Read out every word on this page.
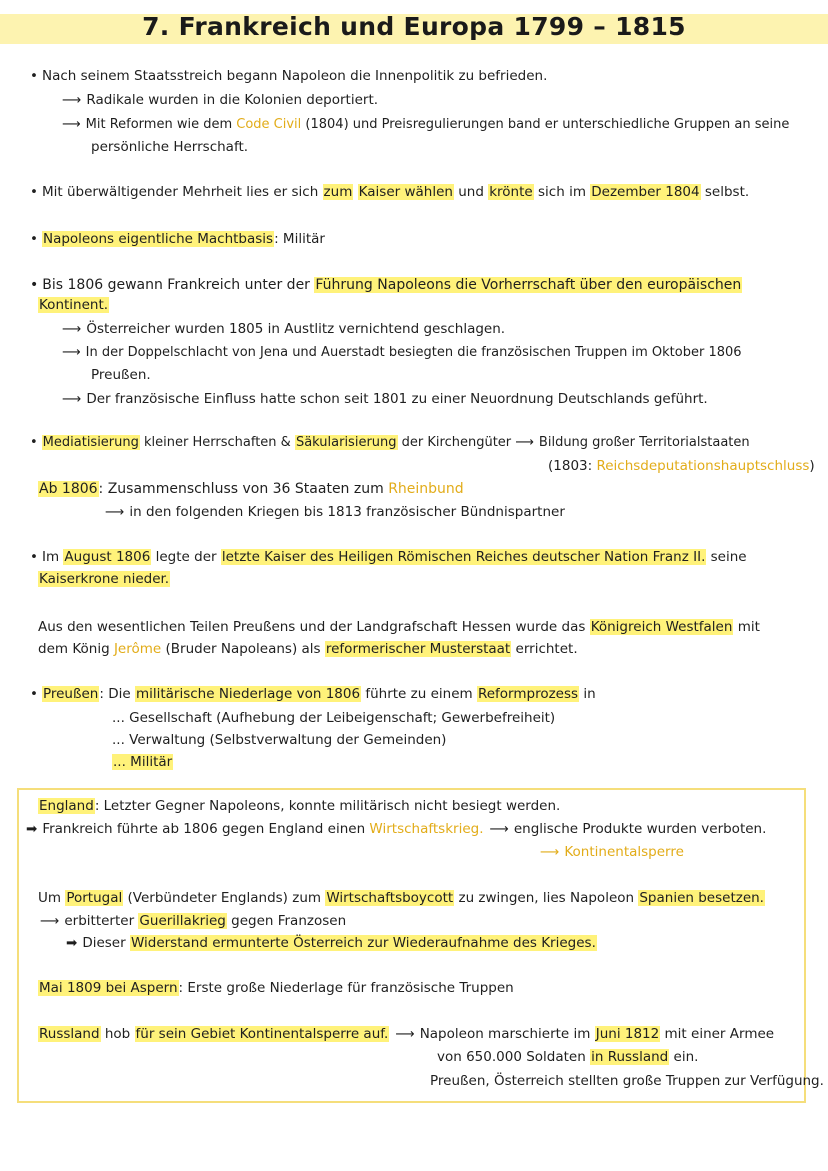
7. Frankreich und Europa 1799 – 1815
• Nach seinem Staatsstreich begann Napoleon die Innenpolitik zu befrieden.
⟶ Radikale wurden in die Kolonien deportiert.
⟶ Mit Reformen wie dem Code Civil (1804) und Preisregulierungen band er unterschiedliche Gruppen an seine
persönliche Herrschaft.
• Mit überwältigender Mehrheit lies er sich zum Kaiser wählen und krönte sich im Dezember 1804 selbst.
• Napoleons eigentliche Machtbasis: Militär
• Bis 1806 gewann Frankreich unter der Führung Napoleons die Vorherrschaft über den europäischen
Kontinent.
⟶ Österreicher wurden 1805 in Austlitz vernichtend geschlagen.
⟶ In der Doppelschlacht von Jena und Auerstadt besiegten die französischen Truppen im Oktober 1806
Preußen.
⟶ Der französische Einfluss hatte schon seit 1801 zu einer Neuordnung Deutschlands geführt.
• Mediatisierung kleiner Herrschaften & Säkularisierung der Kirchengüter ⟶ Bildung großer Territorialstaaten
(1803: Reichsdeputationshauptschluss)
Ab 1806: Zusammenschluss von 36 Staaten zum Rheinbund
⟶ in den folgenden Kriegen bis 1813 französischer Bündnispartner
• Im August 1806 legte der letzte Kaiser des Heiligen Römischen Reiches deutscher Nation Franz II. seine
Kaiserkrone nieder.
Aus den wesentlichen Teilen Preußens und der Landgrafschaft Hessen wurde das Königreich Westfalen mit
dem König Jerôme (Bruder Napoleans) als reformerischer Musterstaat errichtet.
• Preußen: Die militärische Niederlage von 1806 führte zu einem Reformprozess in
... Gesellschaft (Aufhebung der Leibeigenschaft; Gewerbefreiheit)
... Verwaltung (Selbstverwaltung der Gemeinden)
... Militär
England: Letzter Gegner Napoleons, konnte militärisch nicht besiegt werden.
➡ Frankreich führte ab 1806 gegen England einen Wirtschaftskrieg. ⟶ englische Produkte wurden verboten.
⟶ Kontinentalsperre
Um Portugal (Verbündeter Englands) zum Wirtschaftsboycott zu zwingen, lies Napoleon Spanien besetzen.
⟶ erbitterter Guerillakrieg gegen Franzosen
➡ Dieser Widerstand ermunterte Österreich zur Wiederaufnahme des Krieges.
Mai 1809 bei Aspern: Erste große Niederlage für französische Truppen
Russland hob für sein Gebiet Kontinentalsperre auf. ⟶ Napoleon marschierte im Juni 1812 mit einer Armee
von 650.000 Soldaten in Russland ein.
Preußen, Österreich stellten große Truppen zur Verfügung.
